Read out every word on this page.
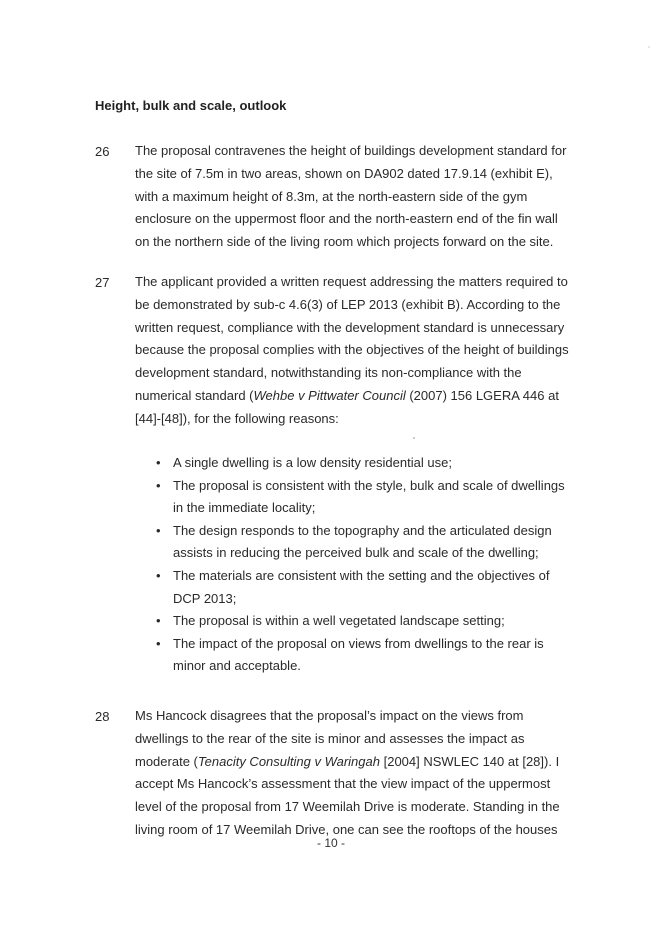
Height, bulk and scale, outlook
26 The proposal contravenes the height of buildings development standard for the site of 7.5m in two areas, shown on DA902 dated 17.9.14 (exhibit E), with a maximum height of 8.3m, at the north-eastern side of the gym enclosure on the uppermost floor and the north-eastern end of the fin wall on the northern side of the living room which projects forward on the site.
27 The applicant provided a written request addressing the matters required to be demonstrated by sub-c 4.6(3) of LEP 2013 (exhibit B). According to the written request, compliance with the development standard is unnecessary because the proposal complies with the objectives of the height of buildings development standard, notwithstanding its non-compliance with the numerical standard (Wehbe v Pittwater Council (2007) 156 LGERA 446 at [44]-[48]), for the following reasons:
• A single dwelling is a low density residential use;
• The proposal is consistent with the style, bulk and scale of dwellings in the immediate locality;
• The design responds to the topography and the articulated design assists in reducing the perceived bulk and scale of the dwelling;
• The materials are consistent with the setting and the objectives of DCP 2013;
• The proposal is within a well vegetated landscape setting;
• The impact of the proposal on views from dwellings to the rear is minor and acceptable.
28 Ms Hancock disagrees that the proposal’s impact on the views from dwellings to the rear of the site is minor and assesses the impact as moderate (Tenacity Consulting v Waringah [2004] NSWLEC 140 at [28]). I accept Ms Hancock’s assessment that the view impact of the uppermost level of the proposal from 17 Weemilah Drive is moderate. Standing in the living room of 17 Weemilah Drive, one can see the rooftops of the houses
- 10 -
